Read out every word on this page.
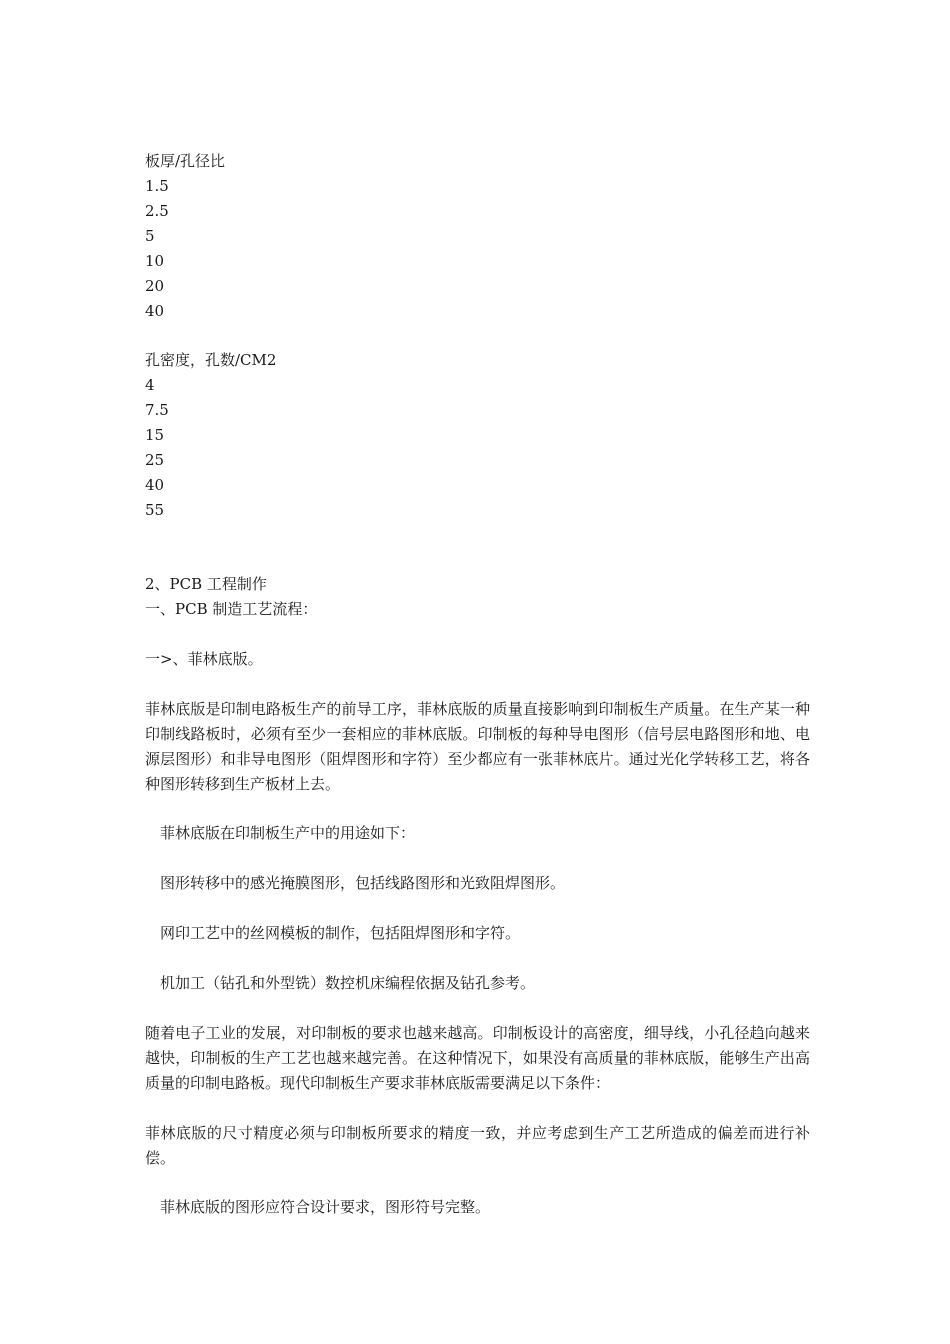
板厚/孔径比
1.5
2.5
5
10
20
40
孔密度，孔数/CM2
4
7.5
15
25
40
55
2、PCB 工程制作
一、PCB 制造工艺流程：
一>、菲林底版。
菲林底版是印制电路板生产的前导工序，菲林底版的质量直接影响到印制板生产质量。在生产某一种印制线路板时，必须有至少一套相应的菲林底版。印制板的每种导电图形（信号层电路图形和地、电源层图形）和非导电图形（阻焊图形和字符）至少都应有一张菲林底片。通过光化学转移工艺，将各种图形转移到生产板材上去。
菲林底版在印制板生产中的用途如下：
图形转移中的感光掩膜图形，包括线路图形和光致阻焊图形。
网印工艺中的丝网模板的制作，包括阻焊图形和字符。
机加工（钻孔和外型铣）数控机床编程依据及钻孔参考。
随着电子工业的发展，对印制板的要求也越来越高。印制板设计的高密度，细导线，小孔径趋向越来越快，印制板的生产工艺也越来越完善。在这种情况下，如果没有高质量的菲林底版，能够生产出高质量的印制电路板。现代印制板生产要求菲林底版需要满足以下条件：
菲林底版的尺寸精度必须与印制板所要求的精度一致，并应考虑到生产工艺所造成的偏差而进行补偿。
菲林底版的图形应符合设计要求，图形符号完整。
